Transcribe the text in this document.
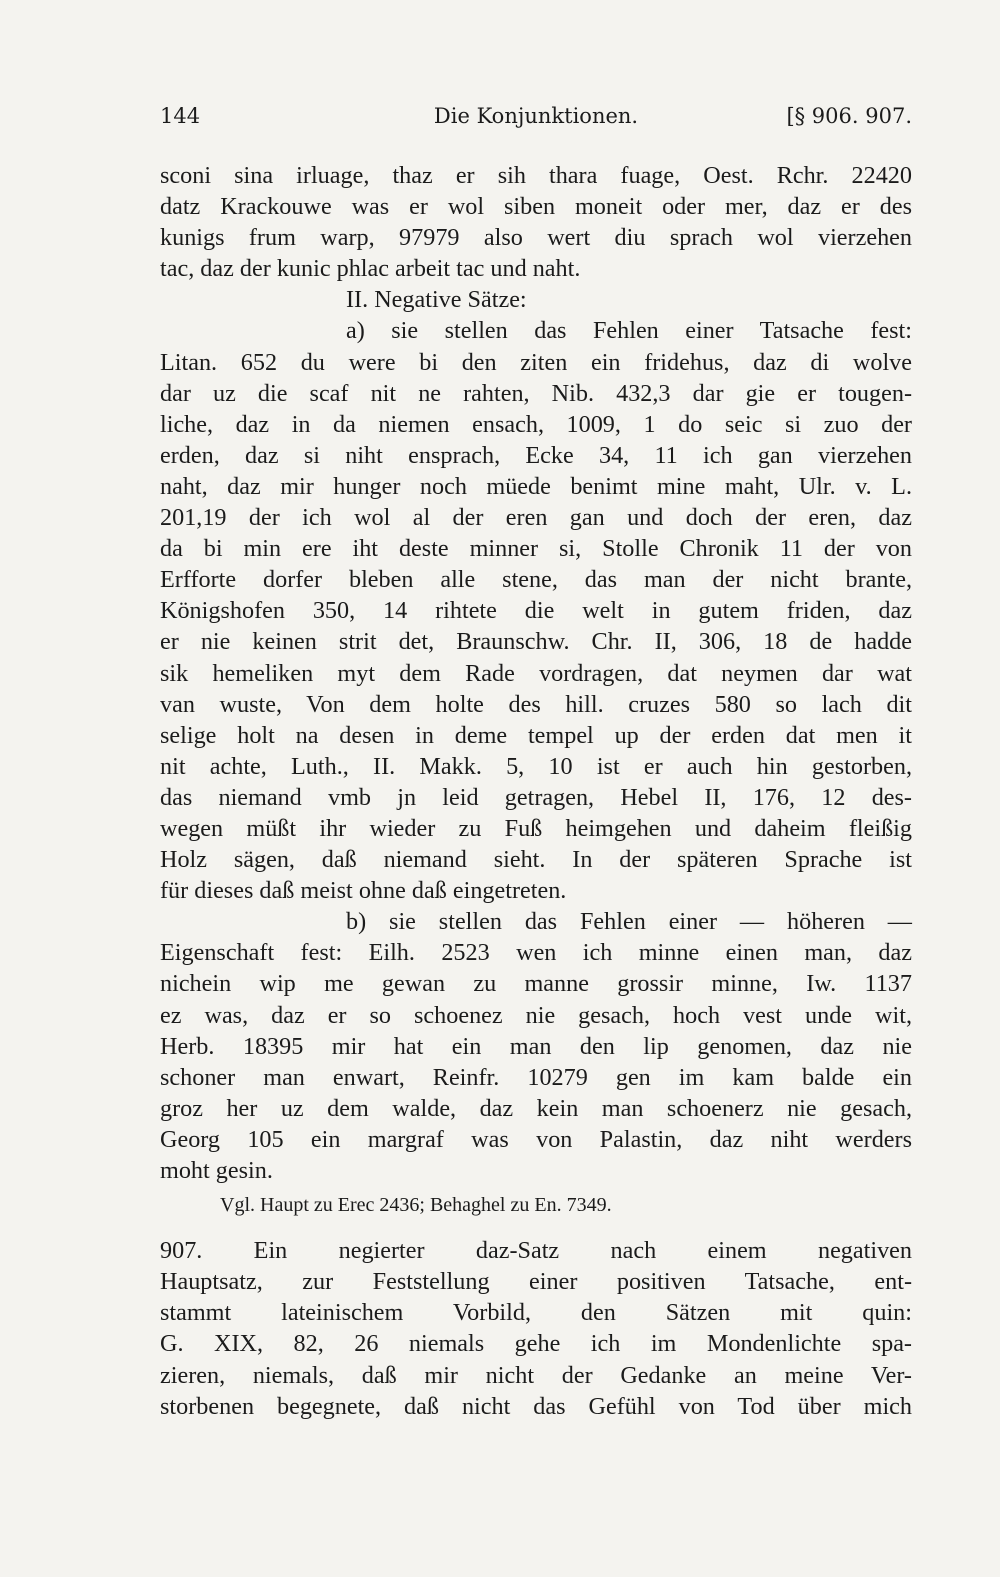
144	Die Konjunktionen.	[§ 906. 907.
sconi sina irluage, thaz er sih thara fuage, Oest. Rchr. 22420
datz Krackouwe was er wol siben moneit oder mer, daz er des
kunigs frum warp, 97979 also wert diu sprach wol vierzehen
tac, daz der kunic phlac arbeit tac und naht.
II. Negative Sätze:
a) sie stellen das Fehlen einer Tatsache fest:
Litan. 652 du were bi den ziten ein fridehus, daz di wolve
dar uz die scaf nit ne rahten, Nib. 432,3 dar gie er tougen-
liche, daz in da niemen ensach, 1009, 1 do seic si zuo der
erden, daz si niht ensprach, Ecke 34, 11 ich gan vierzehen
naht, daz mir hunger noch müede benimt mine maht, Ulr. v. L.
201,19 der ich wol al der eren gan und doch der eren, daz
da bi min ere iht deste minner si, Stolle Chronik 11 der von
Erfforte dorfer bleben alle stene, das man der nicht brante,
Königshofen 350, 14 rihtete die welt in gutem friden, daz
er nie keinen strit det, Braunschw. Chr. II, 306, 18 de hadde
sik hemeliken myt dem Rade vordragen, dat neymen dar wat
van wuste, Von dem holte des hill. cruzes 580 so lach dit
selige holt na desen in deme tempel up der erden dat men it
nit achte, Luth., II. Makk. 5, 10 ist er auch hin gestorben,
das niemand vmb jn leid getragen, Hebel II, 176, 12 des-
wegen müßt ihr wieder zu Fuß heimgehen und daheim fleißig
Holz sägen, daß niemand sieht. In der späteren Sprache ist
für dieses daß meist ohne daß eingetreten.
b) sie stellen das Fehlen einer — höheren —
Eigenschaft fest: Eilh. 2523 wen ich minne einen man, daz
nichein wip me gewan zu manne grossir minne, Iw. 1137
ez was, daz er so schoenez nie gesach, hoch vest unde wit,
Herb. 18395 mir hat ein man den lip genomen, daz nie
schoner man enwart, Reinfr. 10279 gen im kam balde ein
groz her uz dem walde, daz kein man schoenerz nie gesach,
Georg 105 ein margraf was von Palastin, daz niht werders
moht gesin.
Vgl. Haupt zu Erec 2436; Behaghel zu En. 7349.
907. Ein negierter daz-Satz nach einem negativen
Hauptsatz, zur Feststellung einer positiven Tatsache, ent-
stammt lateinischem Vorbild, den Sätzen mit quin:
G. XIX, 82, 26 niemals gehe ich im Mondenlichte spa-
zieren, niemals, daß mir nicht der Gedanke an meine Ver-
storbenen begegnete, daß nicht das Gefühl von Tod über mich
